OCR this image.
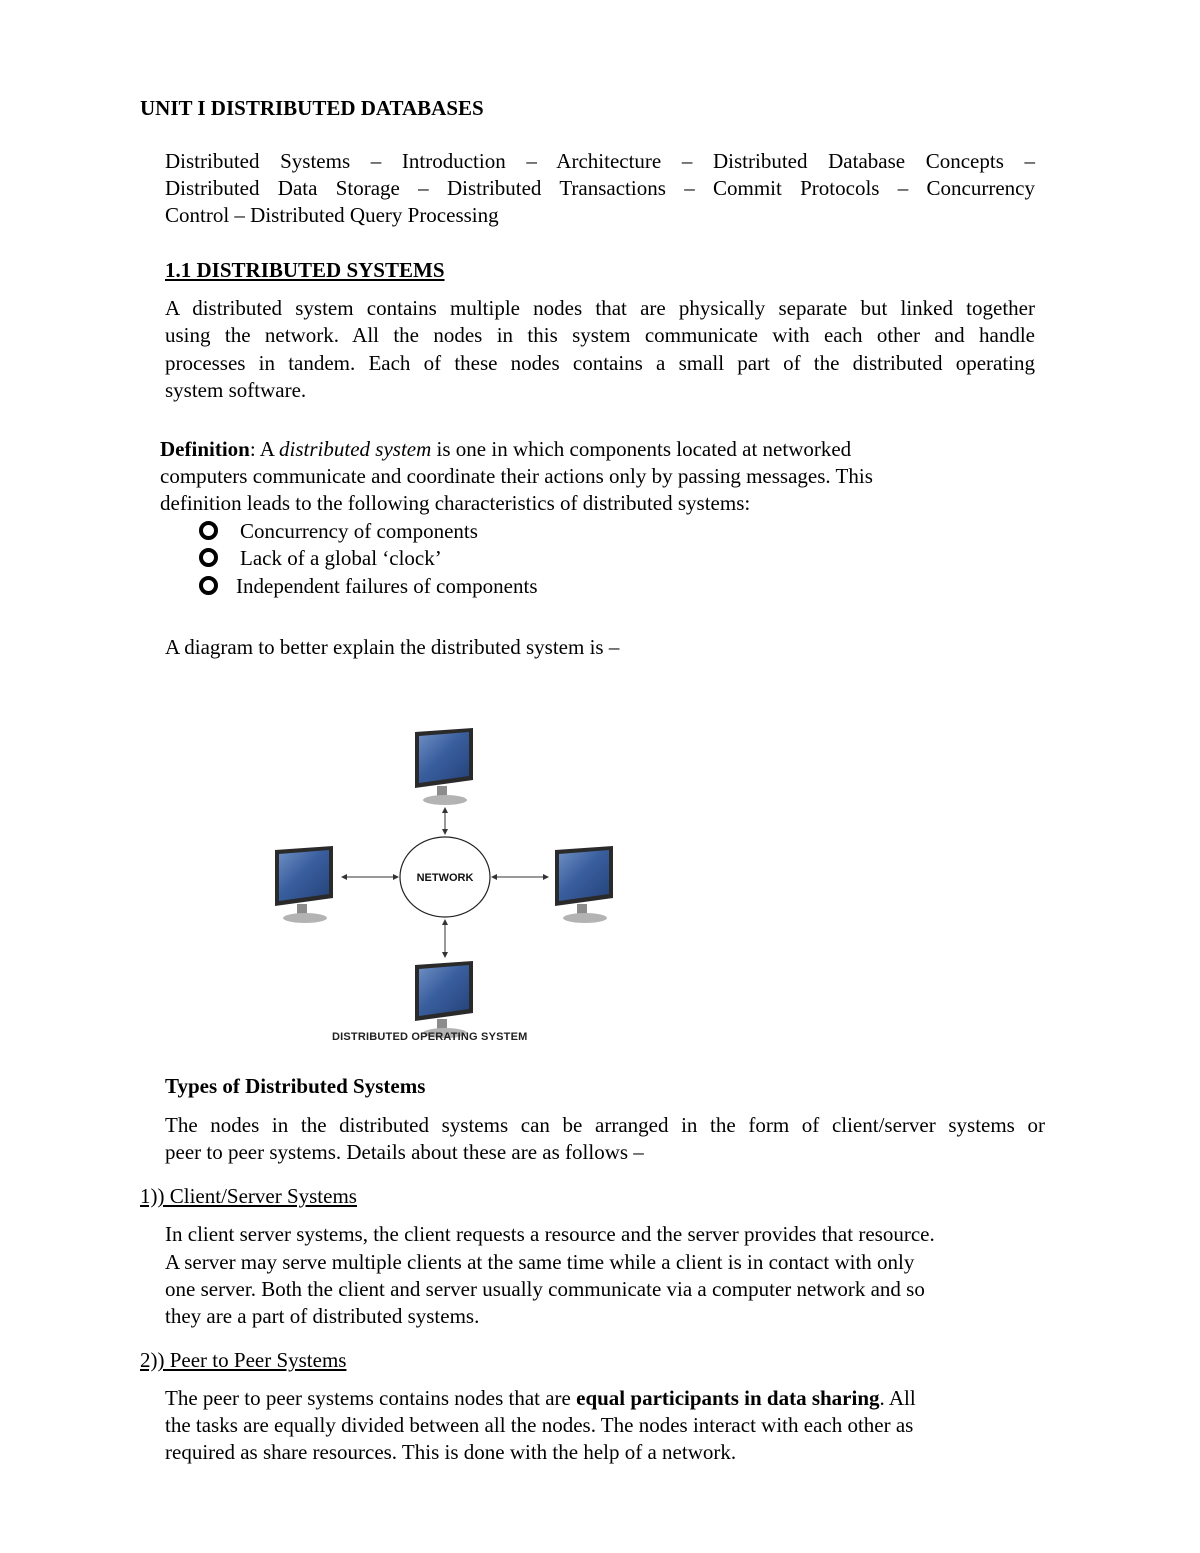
UNIT I DISTRIBUTED DATABASES
Distributed Systems – Introduction – Architecture – Distributed Database Concepts –
Distributed Data Storage – Distributed Transactions – Commit Protocols – Concurrency
Control – Distributed Query Processing
1.1 DISTRIBUTED SYSTEMS
A distributed system contains multiple nodes that are physically separate but linked together
using the network. All the nodes in this system communicate with each other and handle
processes in tandem. Each of these nodes contains a small part of the distributed operating
system software.
Definition: A distributed system is one in which components located at networked
computers communicate and coordinate their actions only by passing messages. This
definition leads to the following characteristics of distributed systems:
Concurrency of components
Lack of a global ‘clock’
Independent failures of components
A diagram to better explain the distributed system is –
NETWORK
DISTRIBUTED OPERATING SYSTEM
Types of Distributed Systems
The nodes in the distributed systems can be arranged in the form of client/server systems or
peer to peer systems. Details about these are as follows –
1)) Client/Server Systems
In client server systems, the client requests a resource and the server provides that resource.
A server may serve multiple clients at the same time while a client is in contact with only
one server. Both the client and server usually communicate via a computer network and so
they are a part of distributed systems.
2)) Peer to Peer Systems
The peer to peer systems contains nodes that are equal participants in data sharing. All
the tasks are equally divided between all the nodes. The nodes interact with each other as
required as share resources. This is done with the help of a network.
